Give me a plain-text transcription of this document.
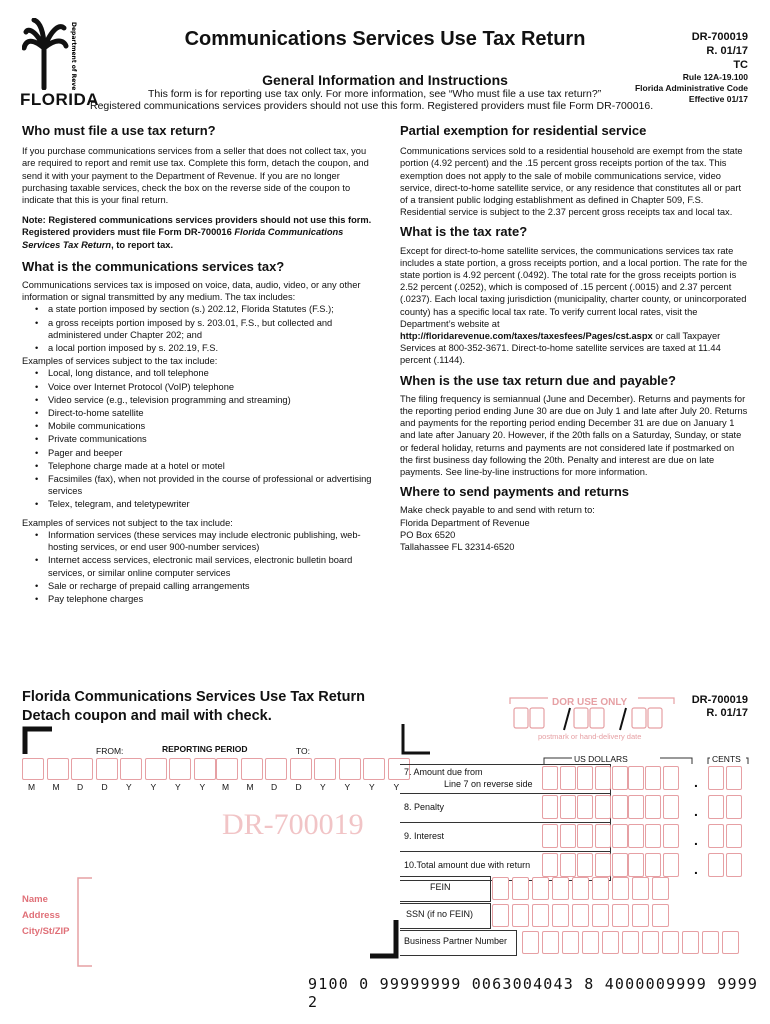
Department of Revenue
FLORIDA
Communications Services Use Tax Return	DR-700019
R. 01/17
TC
General Information and Instructions	Rule 12A-19.100
Florida Administrative Code
Effective 01/17
This form is for reporting use tax only. For more information, see “Who must file a use tax return?”
Registered communications services providers should not use this form. Registered providers must file Form DR-700016.
Who must file a use tax return?

If you purchase communications services from a seller that does not collect tax, you are required to report and remit use tax. Complete this form, detach the coupon, and send it with your payment to the Department of Revenue. If you are no longer purchasing taxable services, check the box on the reverse side of the coupon to indicate that this is your final return.

Note: Registered communications services providers should not use this form. Registered providers must file Form DR-700016 Florida Communications Services Tax Return, to report tax.

What is the communications services tax?

Communications services tax is imposed on voice, data, audio, video, or any other information or signal transmitted by any medium. The tax includes:

• a state portion imposed by section (s.) 202.12, Florida Statutes (F.S.);
• a gross receipts portion imposed by s. 203.01, F.S., but collected and administered under Chapter 202; and
• a local portion imposed by s. 202.19, F.S.
Examples of services subject to the tax include:
• Local, long distance, and toll telephone
• Voice over Internet Protocol (VoIP) telephone
• Video service (e.g., television programming and streaming)
• Direct-to-home satellite
• Mobile communications
• Private communications
• Pager and beeper
• Telephone charge made at a hotel or motel
• Facsimiles (fax), when not provided in the course of professional or advertising services
• Telex, telegram, and teletypewriter
Examples of services not subject to the tax include:
• Information services (these services may include electronic publishing, web-hosting services, or end user 900-number services)
• Internet access services, electronic mail services, electronic bulletin board services, or similar online computer services
• Sale or recharge of prepaid calling arrangements
• Pay telephone charges
Partial exemption for residential service

Communications services sold to a residential household are exempt from the state portion (4.92 percent) and the .15 percent gross receipts portion of the tax. This exemption does not apply to the sale of mobile communications service, video service, direct-to-home satellite service, or any residence that constitutes all or part of a transient public lodging establishment as defined in Chapter 509, F.S. Residential service is subject to the 2.37 percent gross receipts tax and local tax.

What is the tax rate?

Except for direct-to-home satellite services, the communications services tax rate includes a state portion, a gross receipts portion, and a local portion. The rate for the state portion is 4.92 percent (.0492). The total rate for the gross receipts portion is 2.52 percent (.0252), which is composed of .15 percent (.0015) and 2.37 percent (.0237). Each local taxing jurisdiction (municipality, charter county, or unincorporated county) has a specific local tax rate. To verify current local rates, visit the Department’s website at http://floridarevenue.com/taxes/taxesfees/Pages/cst.aspx or call Taxpayer Services at 800-352-3671. Direct-to-home satellite services are taxed at 11.44 percent (.1144).

When is the use tax return due and payable?

The filing frequency is semiannual (June and December). Returns and payments for the reporting period ending June 30 are due on July 1 and late after July 20. Returns and payments for the reporting period ending December 31 are due on January 1 and late after January 20. However, if the 20th falls on a Saturday, Sunday, or state or federal holiday, returns and payments are not considered late if postmarked on the first business day following the 20th. Penalty and interest are due on late payments. See line-by-line instructions for more information.

Where to send payments and returns
Make check payable to and send with return to:
Florida Department of Revenue
PO Box 6520
Tallahassee FL 32314-6520
Florida Communications Services Use Tax Return
Detach coupon and mail with check.
DOR USE ONLY
postmark or hand-delivery date
DR-700019
R. 01/17
FROM:	REPORTING PERIOD	TO:
M M D D Y Y Y Y M M D D Y Y Y Y
US DOLLARS	CENTS
7. Amount due from
Line 7 on reverse side
8. Penalty
9. Interest
10.Total amount due with return
.
.
.
.
DR-700019
Name
Address
City/St/ZIP
FEIN
SSN (if no FEIN)
Business Partner Number
9100 0 99999999 0063004043 8 4000009999 9999 2
